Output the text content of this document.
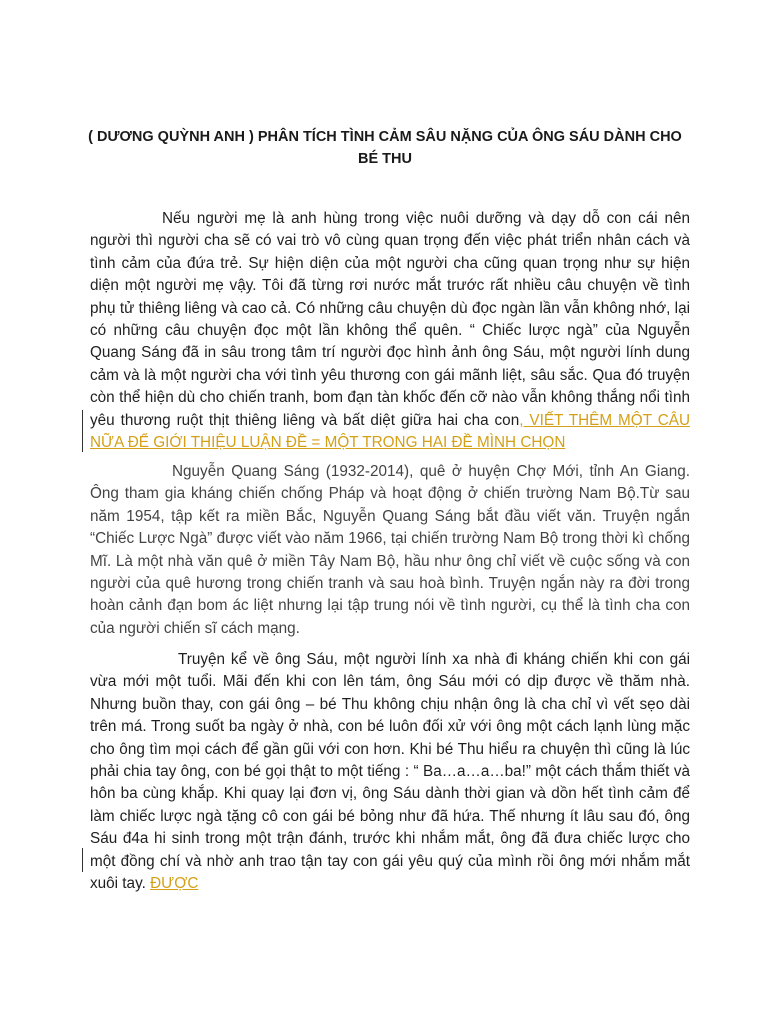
( DƯƠNG QUỲNH ANH ) PHÂN TÍCH TÌNH CẢM SÂU NẶNG CỦA ÔNG SÁU DÀNH CHO BÉ THU

Nếu người mẹ là anh hùng trong việc nuôi dưỡng và dạy dỗ con cái nên người thì người cha sẽ có vai trò vô cùng quan trọng đến việc phát triển nhân cách và tình cảm của đứa trẻ. Sự hiện diện của một người cha cũng quan trọng như sự hiện diện một người mẹ vậy. Tôi đã từng rơi nước mắt trước rất nhiều câu chuyện về tình phụ tử thiêng liêng và cao cả. Có những câu chuyện dù đọc ngàn lần vẫn không nhớ, lại có những câu chuyện đọc một lần không thể quên. “ Chiếc lược ngà” của Nguyễn Quang Sáng đã in sâu trong tâm trí người đọc hình ảnh ông Sáu, một người lính dung cảm và là một người cha với tình yêu thương con gái mãnh liệt, sâu sắc. Qua đó truyện còn thể hiện dù cho chiến tranh, bom đạn tàn khốc đến cỡ nào vẫn không thắng nổi tình yêu thương ruột thịt thiêng liêng và bất diệt giữa hai cha con, VIẾT THÊM MỘT CÂU NỮA ĐỂ GIỚI THIỆU LUẬN ĐỀ = MỘT TRONG HAI ĐỀ MÌNH CHỌN

Nguyễn Quang Sáng (1932-2014), quê ở huyện Chợ Mới, tỉnh An Giang. Ông tham gia kháng chiến chống Pháp và hoạt động ở chiến trường Nam Bộ.Từ sau năm 1954, tập kết ra miền Bắc, Nguyễn Quang Sáng bắt đầu viết văn. Truyện ngắn “Chiếc Lược Ngà” được viết vào năm 1966, tại chiến trường Nam Bộ trong thời kì chống Mĩ. Là một nhà văn quê ở miền Tây Nam Bộ, hầu như ông chỉ viết về cuộc sống và con người của quê hương trong chiến tranh và sau hoà bình. Truyện ngắn này ra đời trong hoàn cảnh đạn bom ác liệt nhưng lại tập trung nói về tình người, cụ thể là tình cha con của người chiến sĩ cách mạng.

Truyện kể về ông Sáu, một người lính xa nhà đi kháng chiến khi con gái vừa mới một tuổi. Mãi đến khi con lên tám, ông Sáu mới có dịp được về thăm nhà. Nhưng buồn thay, con gái ông – bé Thu không chịu nhận ông là cha chỉ vì vết sẹo dài trên má. Trong suốt ba ngày ở nhà, con bé luôn đối xử với ông một cách lạnh lùng mặc cho ông tìm mọi cách để gần gũi với con hơn. Khi bé Thu hiểu ra chuyện thì cũng là lúc phải chia tay ông, con bé gọi thật to một tiếng : “ Ba…a…a…ba!” một cách thắm thiết và hôn ba cùng khắp. Khi quay lại đơn vị, ông Sáu dành thời gian và dồn hết tình cảm để làm chiếc lược ngà tặng cô con gái bé bỏng như đã hứa. Thế nhưng ít lâu sau đó, ông Sáu đ4a hi sinh trong một trận đánh, trước khi nhắm mắt, ông đã đưa chiếc lược cho một đồng chí và nhờ anh trao tận tay con gái yêu quý của mình rồi ông mới nhắm mắt xuôi tay. ĐƯỢC
